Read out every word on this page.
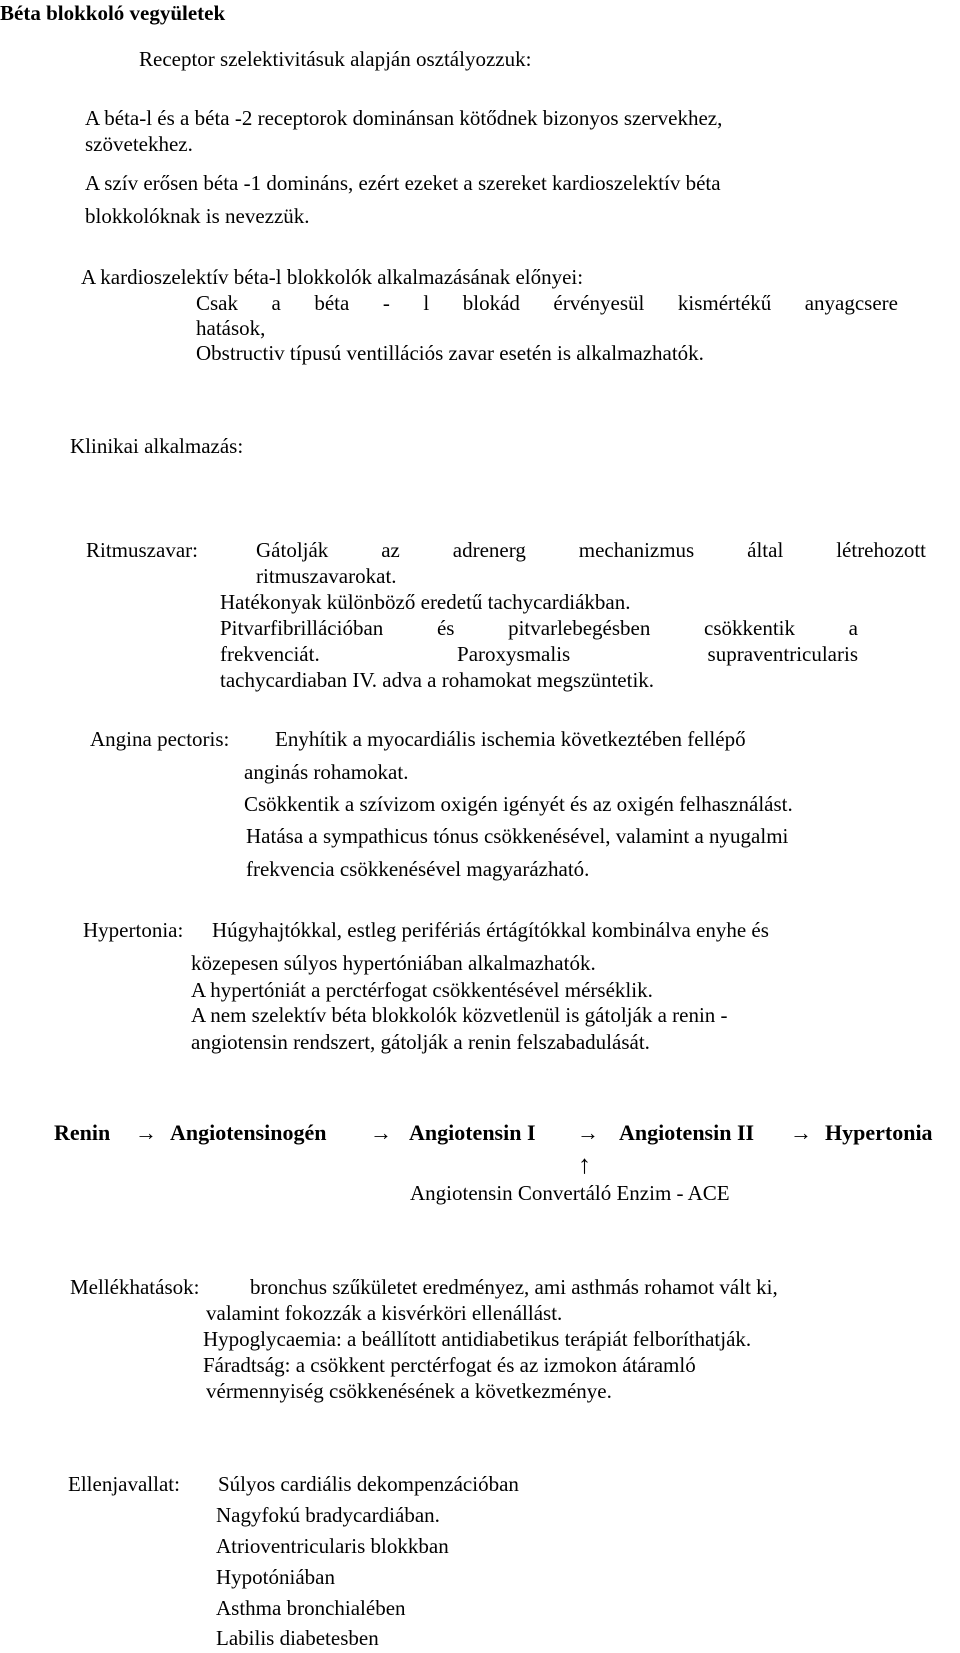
Béta blokkoló vegyületek
Receptor szelektivitásuk alapján osztályozzuk:
A béta-l és a béta -2 receptorok dominánsan kötődnek bizonyos szervekhez,
szövetekhez.
A szív erősen béta -1 domináns, ezért ezeket a szereket kardioszelektív béta
blokkolóknak is nevezzük.
A kardioszelektív béta-l blokkolók alkalmazásának előnyei:
Csak a béta - l blokád érvényesül kismértékű anyagcsere
hatások,
Obstructiv típusú ventillációs zavar esetén is alkalmazhatók.
Klinikai alkalmazás:
Ritmuszavar:	Gátolják az adrenerg mechanizmus által létrehozott
ritmuszavarokat.
Hatékonyak különböző eredetű tachycardiákban.
Pitvarfibrillációban és pitvarlebegésben csökkentik a
frekvenciát. Paroxysmalis supraventricularis
tachycardiaban IV. adva a rohamokat megszüntetik.
Angina pectoris: Enyhítik a myocardiális ischemia következtében fellépő
anginás rohamokat.
Csökkentik a szívizom oxigén igényét és az oxigén felhasználást.
Hatása a sympathicus tónus csökkenésével, valamint a nyugalmi
frekvencia csökkenésével magyarázható.
Hypertonia: Húgyhajtókkal, estleg perifériás értágítókkal kombinálva enyhe és
közepesen súlyos hypertóniában alkalmazhatók.
A hypertóniát a perctérfogat csökkentésével mérséklik.
A nem szelektív béta blokkolók közvetlenül is gátolják a renin -
angiotensin rendszert, gátolják a renin felszabadulását.
Renin → Angiotensinogén → Angiotensin I → Angiotensin II → Hypertonia
↑
Angiotensin Convertáló Enzim - ACE
Mellékhatások: bronchus szűkületet eredményez, ami asthmás rohamot vált ki,
valamint fokozzák a kisvérköri ellenállást.
Hypoglycaemia: a beállított antidiabetikus terápiát felboríthatják.
Fáradtság: a csökkent perctérfogat és az izmokon átáramló
vérmennyiség csökkenésének a következménye.
Ellenjavallat: Súlyos cardiális dekompenzációban
Nagyfokú bradycardiában.
Atrioventricularis blokkban
Hypotóniában
Asthma bronchialében
Labilis diabetesben
